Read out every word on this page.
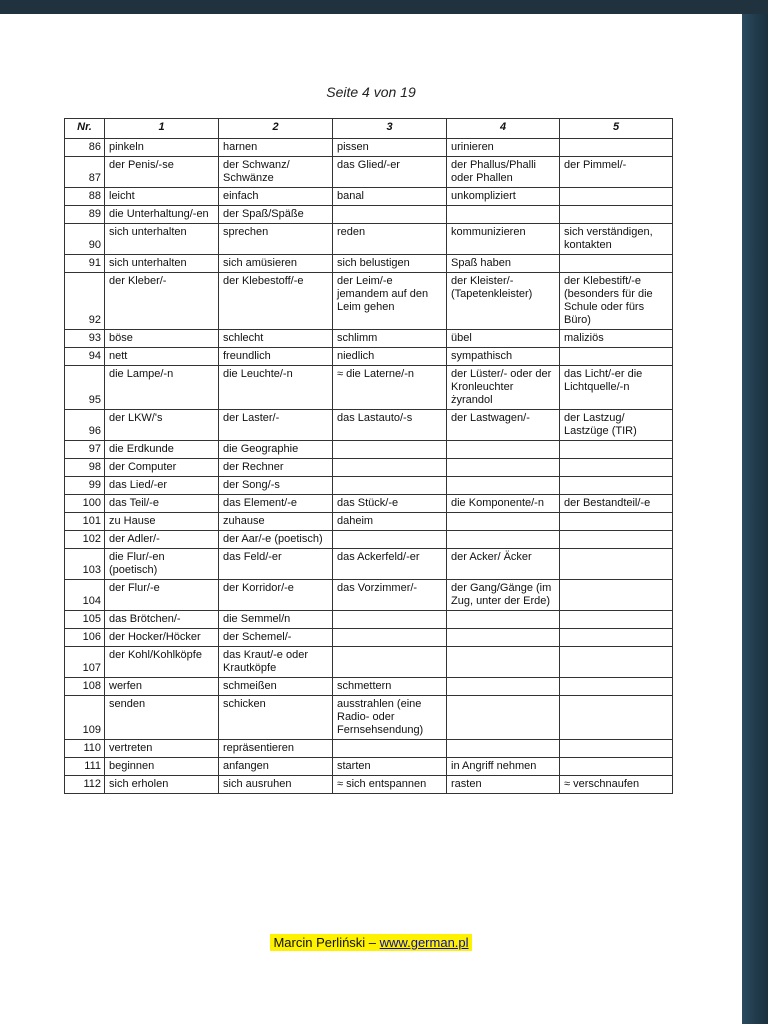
Seite 4 von 19
Nr.	1	2	3	4	5
86	pinkeln	harnen	pissen	urinieren	
87	der Penis/-se	der Schwanz/ Schwänze	das Glied/-er	der Phallus/Phalli oder Phallen	der Pimmel/-
88	leicht	einfach	banal	unkompliziert	
89	die Unterhaltung/-en	der Spaß/Späße			
90	sich unterhalten	sprechen	reden	kommunizieren	sich verständigen, kontakten
91	sich unterhalten	sich amüsieren	sich belustigen	Spaß haben	
92	der Kleber/-	der Klebestoff/-e	der Leim/-e jemandem auf den Leim gehen	der Kleister/- (Tapetenkleister)	der Klebestift/-e (besonders für die Schule oder fürs Büro)
93	böse	schlecht	schlimm	übel	maliziös
94	nett	freundlich	niedlich	sympathisch	
95	die Lampe/-n	die Leuchte/-n	≈ die Laterne/-n	der Lüster/- oder der Kronleuchter żyrandol	das Licht/-er die Lichtquelle/-n
96	der LKW/'s	der Laster/-	das Lastauto/-s	der Lastwagen/-	der Lastzug/ Lastzüge (TIR)
97	die Erdkunde	die Geographie			
98	der Computer	der Rechner			
99	das Lied/-er	der Song/-s			
100	das Teil/-e	das Element/-e	das Stück/-e	die Komponente/-n	der Bestandteil/-e
101	zu Hause	zuhause	daheim		
102	der Adler/-	der Aar/-e (poetisch)			
103	die Flur/-en (poetisch)	das Feld/-er	das Ackerfeld/-er	der Acker/ Äcker	
104	der Flur/-e	der Korridor/-e	das Vorzimmer/-	der Gang/Gänge (im Zug, unter der Erde)	
105	das Brötchen/-	die Semmel/n			
106	der Hocker/Höcker	der Schemel/-			
107	der Kohl/Kohlköpfe	das Kraut/-e oder Krautköpfe			
108	werfen	schmeißen	schmettern		
109	senden	schicken	ausstrahlen (eine Radio- oder Fernsehsendung)		
110	vertreten	repräsentieren			
111	beginnen	anfangen	starten	in Angriff nehmen	
112	sich erholen	sich ausruhen	≈ sich entspannen	rasten	≈ verschnaufen
Marcin Perliński – www.german.pl
